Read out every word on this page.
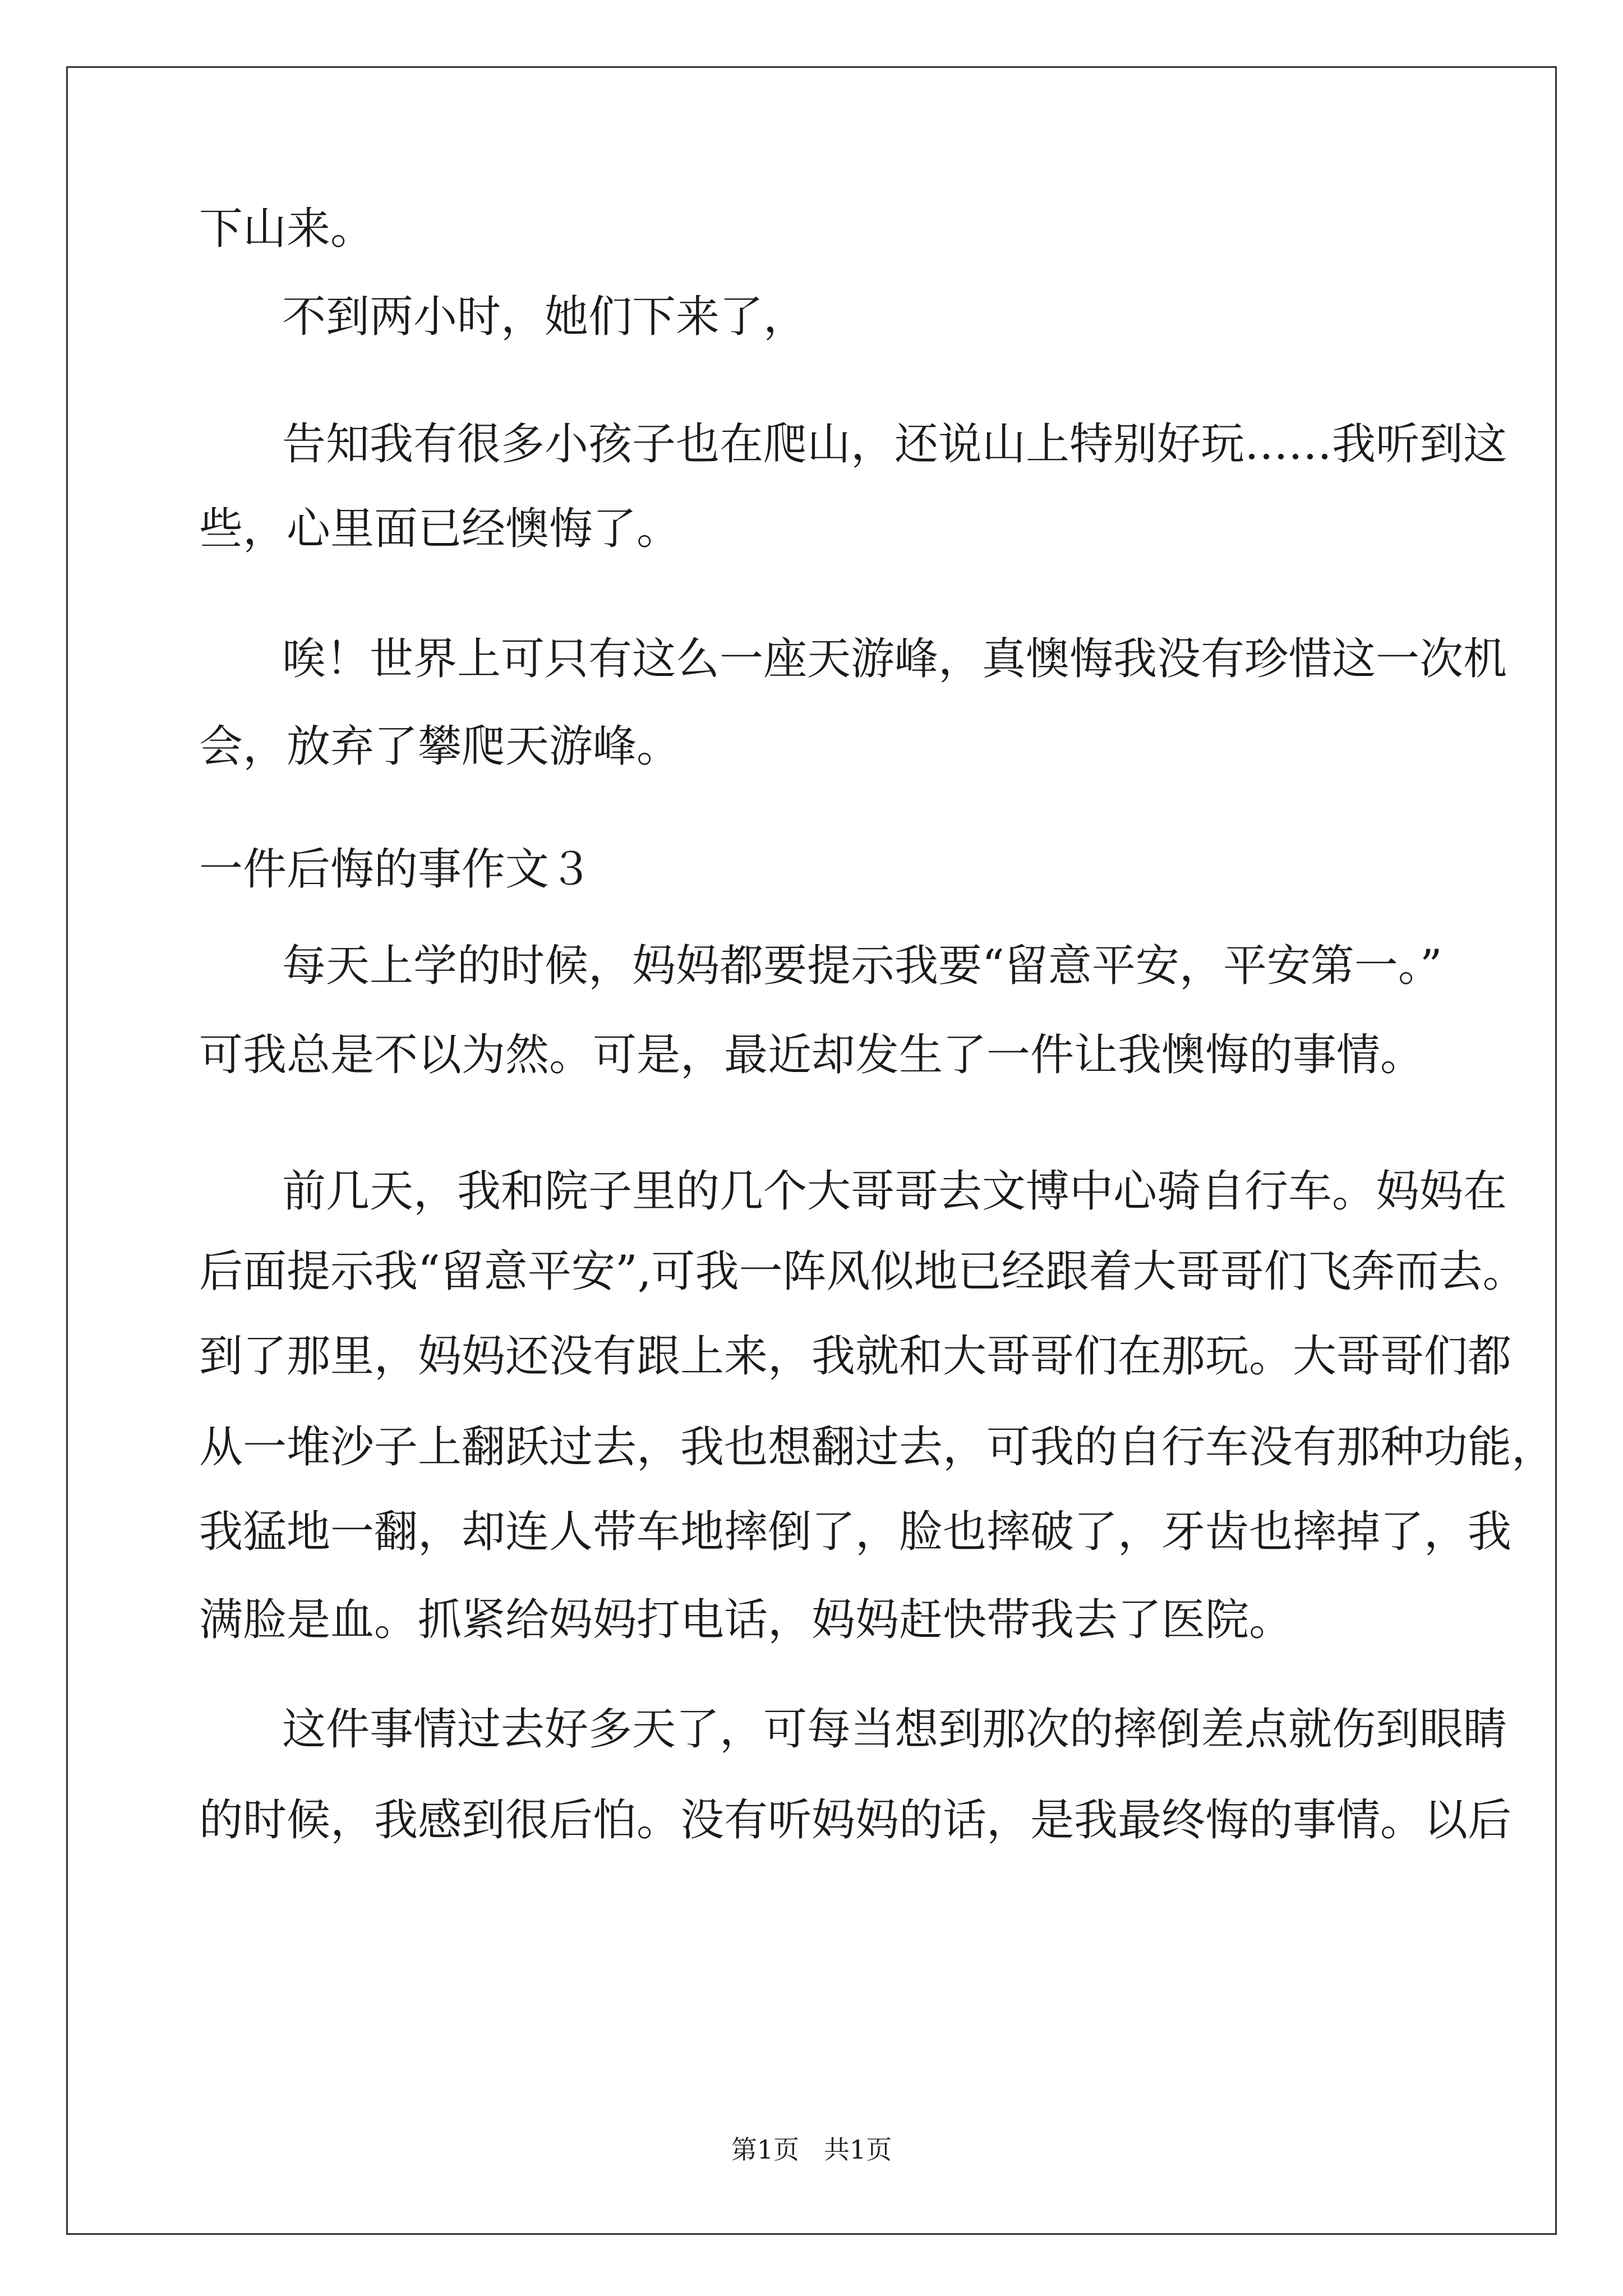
第1页   共1页
下山来。
不到两小时，她们下来了，
告知我有很多小孩子也在爬山，还说山上特别好玩……我听到这
些，心里面已经懊悔了。
唉！世界上可只有这么一座天游峰，真懊悔我没有珍惜这一次机
会，放弃了攀爬天游峰。
一件后悔的事作文３
每天上学的时候，妈妈都要提示我要“留意平安，平安第一。”
可我总是不以为然。可是，最近却发生了一件让我懊悔的事情。
前几天，我和院子里的几个大哥哥去文博中心骑自行车。妈妈在
后面提示我“留意平安”,可我一阵风似地已经跟着大哥哥们飞奔而去。
到了那里，妈妈还没有跟上来，我就和大哥哥们在那玩。大哥哥们都
从一堆沙子上翻跃过去，我也想翻过去，可我的自行车没有那种功能，
我猛地一翻，却连人带车地摔倒了，脸也摔破了，牙齿也摔掉了，我
满脸是血。抓紧给妈妈打电话，妈妈赶快带我去了医院。
这件事情过去好多天了，可每当想到那次的摔倒差点就伤到眼睛
的时候，我感到很后怕。没有听妈妈的话，是我最终悔的事情。以后
